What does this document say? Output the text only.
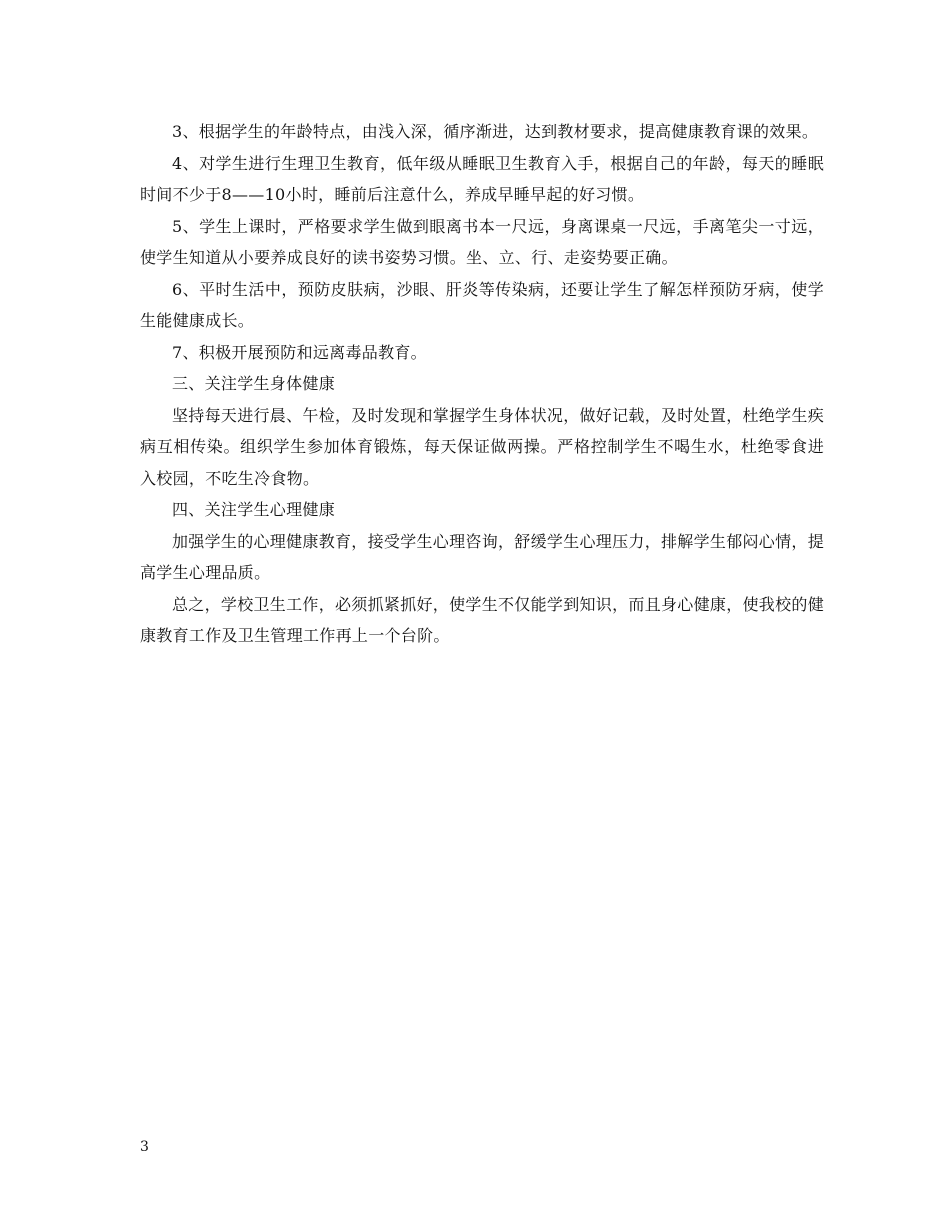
3、根据学生的年龄特点，由浅入深，循序渐进，达到教材要求，提高健康教育课的效果。

4、对学生进行生理卫生教育，低年级从睡眠卫生教育入手，根据自己的年龄，每天的睡眠时间不少于8——10小时，睡前后注意什么，养成早睡早起的好习惯。

5、学生上课时，严格要求学生做到眼离书本一尺远，身离课桌一尺远，手离笔尖一寸远，使学生知道从小要养成良好的读书姿势习惯。坐、立、行、走姿势要正确。

6、平时生活中，预防皮肤病，沙眼、肝炎等传染病，还要让学生了解怎样预防牙病，使学生能健康成长。

7、积极开展预防和远离毒品教育。

三、关注学生身体健康

坚持每天进行晨、午检，及时发现和掌握学生身体状况，做好记载，及时处置，杜绝学生疾病互相传染。组织学生参加体育锻炼，每天保证做两操。严格控制学生不喝生水，杜绝零食进入校园，不吃生冷食物。

四、关注学生心理健康

加强学生的心理健康教育，接受学生心理咨询，舒缓学生心理压力，排解学生郁闷心情，提高学生心理品质。

总之，学校卫生工作，必须抓紧抓好，使学生不仅能学到知识，而且身心健康，使我校的健康教育工作及卫生管理工作再上一个台阶。

3
